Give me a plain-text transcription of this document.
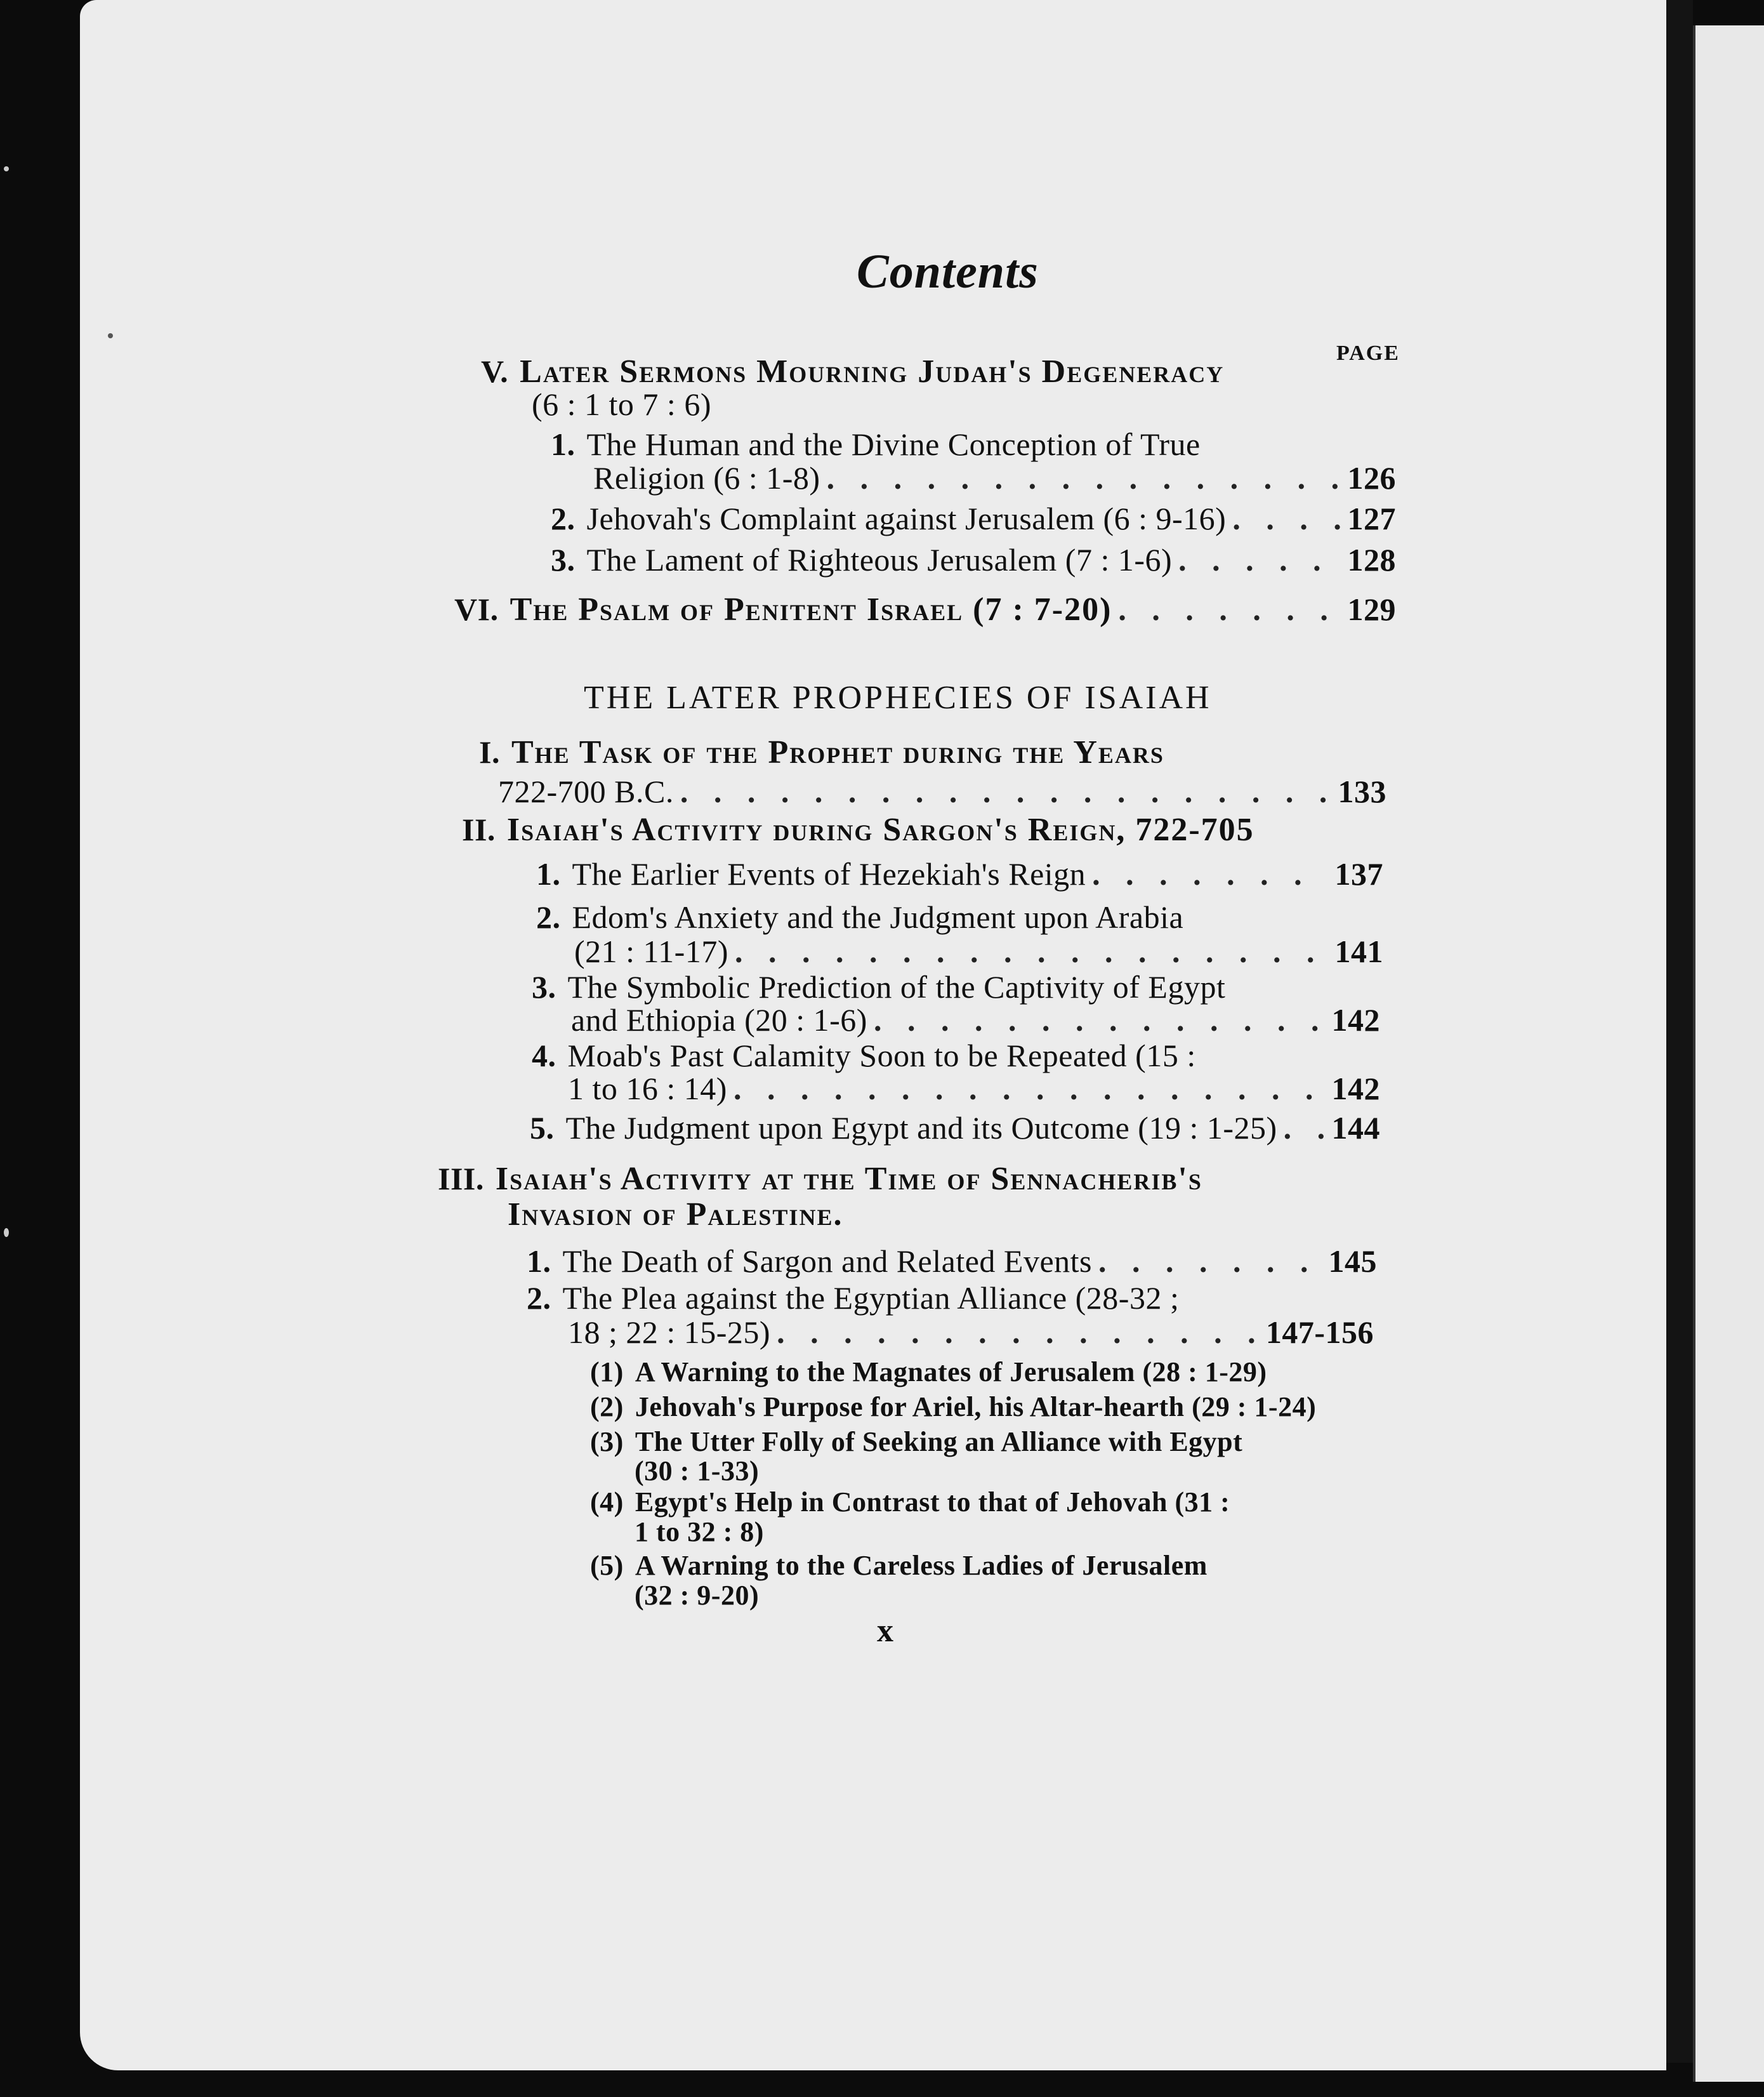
Contents
PAGE
V. Later Sermons Mourning Judah's Degeneracy
(6 : 1 to 7 : 6)
1. The Human and the Divine Conception of True
Religion (6 : 1-8) . . .	126
2. Jehovah's Complaint against Jerusalem (6 : 9-16) . . .	127
3. The Lament of Righteous Jerusalem (7 : 1-6) . . .	128
VI. The Psalm of Penitent Israel (7 : 7-20) . . .	129
THE LATER PROPHECIES OF ISAIAH
I. The Task of the Prophet during the Years
722-700 B.C. . . .	133
II. Isaiah's Activity during Sargon's Reign, 722-705
1. The Earlier Events of Hezekiah's Reign . . .	137
2. Edom's Anxiety and the Judgment upon Arabia
(21 : 11-17) . . .	141
3. The Symbolic Prediction of the Captivity of Egypt
and Ethiopia (20 : 1-6) . . .	142
4. Moab's Past Calamity Soon to be Repeated (15 :
1 to 16 : 14) . . .	142
5. The Judgment upon Egypt and its Outcome (19 : 1-25) . . . 144
III. Isaiah's Activity at the Time of Sennacherib's
Invasion of Palestine.
1. The Death of Sargon and Related Events . . .	145
2. The Plea against the Egyptian Alliance (28-32 ;
18 ; 22 : 15-25) . . .	147-156
(1) A Warning to the Magnates of Jerusalem (28 : 1-29)
(2) Jehovah's Purpose for Ariel, his Altar-hearth (29 : 1-24)
(3) The Utter Folly of Seeking an Alliance with Egypt
(30 : 1-33)
(4) Egypt's Help in Contrast to that of Jehovah (31 :
1 to 32 : 8)
(5) A Warning to the Careless Ladies of Jerusalem
(32 : 9-20)
x
